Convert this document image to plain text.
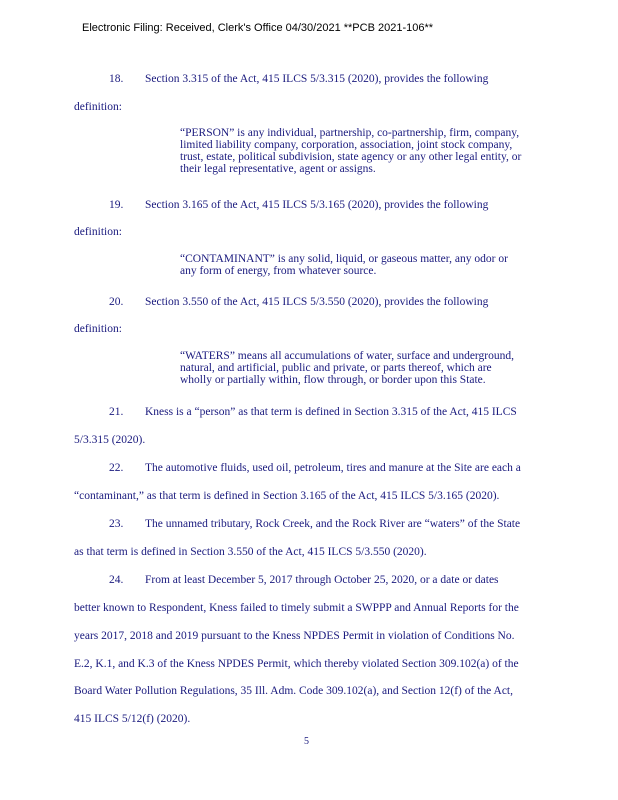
Electronic Filing: Received, Clerk's Office 04/30/2021 **PCB 2021-106**
18. Section 3.315 of the Act, 415 ILCS 5/3.315 (2020), provides the following
definition:
“PERSON” is any individual, partnership, co-partnership, firm, company,
limited liability company, corporation, association, joint stock company,
trust, estate, political subdivision, state agency or any other legal entity, or
their legal representative, agent or assigns.
19. Section 3.165 of the Act, 415 ILCS 5/3.165 (2020), provides the following
definition:
“CONTAMINANT” is any solid, liquid, or gaseous matter, any odor or
any form of energy, from whatever source.
20. Section 3.550 of the Act, 415 ILCS 5/3.550 (2020), provides the following
definition:
“WATERS” means all accumulations of water, surface and underground,
natural, and artificial, public and private, or parts thereof, which are
wholly or partially within, flow through, or border upon this State.
21. Kness is a “person” as that term is defined in Section 3.315 of the Act, 415 ILCS
5/3.315 (2020).
22. The automotive fluids, used oil, petroleum, tires and manure at the Site are each a
“contaminant,” as that term is defined in Section 3.165 of the Act, 415 ILCS 5/3.165 (2020).
23. The unnamed tributary, Rock Creek, and the Rock River are “waters” of the State
as that term is defined in Section 3.550 of the Act, 415 ILCS 5/3.550 (2020).
24. From at least December 5, 2017 through October 25, 2020, or a date or dates
better known to Respondent, Kness failed to timely submit a SWPPP and Annual Reports for the
years 2017, 2018 and 2019 pursuant to the Kness NPDES Permit in violation of Conditions No.
E.2, K.1, and K.3 of the Kness NPDES Permit, which thereby violated Section 309.102(a) of the
Board Water Pollution Regulations, 35 Ill. Adm. Code 309.102(a), and Section 12(f) of the Act,
415 ILCS 5/12(f) (2020).
5
